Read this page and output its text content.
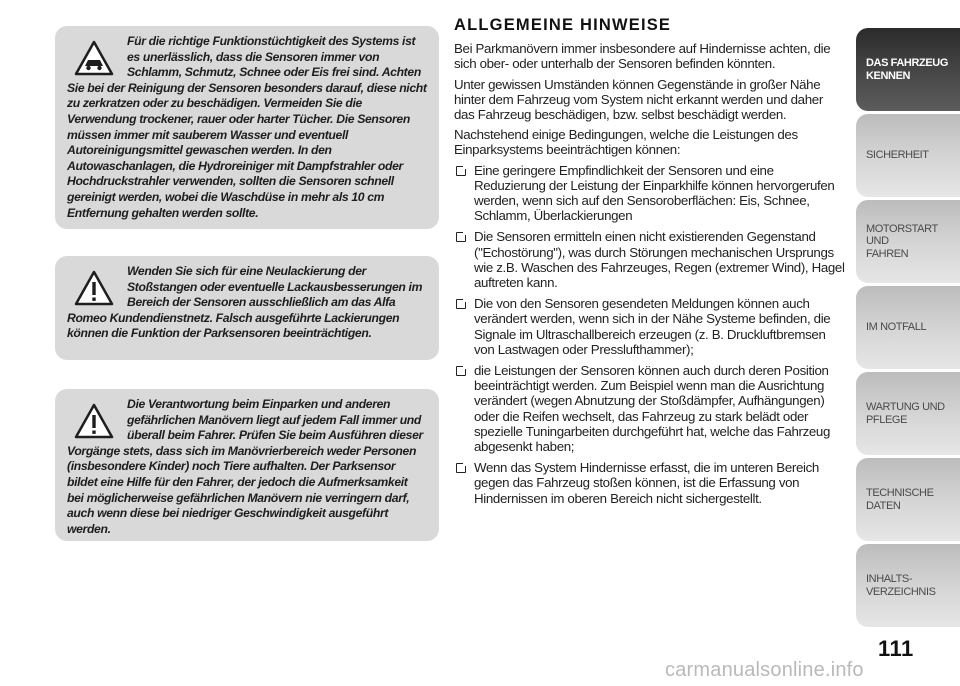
Für die richtige Funktionstüchtigkeit des Systems ist es unerlässlich, dass die Sensoren immer von Schlamm, Schmutz, Schnee oder Eis frei sind. Achten Sie bei der Reinigung der Sensoren besonders darauf, diese nicht zu zerkratzen oder zu beschädigen. Vermeiden Sie die Verwendung trockener, rauer oder harter Tücher. Die Sensoren müssen immer mit sauberem Wasser und eventuell Autoreinigungsmittel gewaschen werden. In den Autowaschanlagen, die Hydroreiniger mit Dampfstrahler oder Hochdruckstrahler verwenden, sollten die Sensoren schnell gereinigt werden, wobei die Waschdüse in mehr als 10 cm Entfernung gehalten werden sollte.
Wenden Sie sich für eine Neulackierung der Stoßstangen oder eventuelle Lackausbesserungen im Bereich der Sensoren ausschließlich am das Alfa Romeo Kundendienstnetz. Falsch ausgeführte Lackierungen können die Funktion der Parksensoren beeinträchtigen.
Die Verantwortung beim Einparken und anderen gefährlichen Manövern liegt auf jedem Fall immer und überall beim Fahrer. Prüfen Sie beim Ausführen dieser Vorgänge stets, dass sich im Manövrierbereich weder Personen (insbesondere Kinder) noch Tiere aufhalten. Der Parksensor bildet eine Hilfe für den Fahrer, der jedoch die Aufmerksamkeit bei möglicherweise gefährlichen Manövern nie verringern darf, auch wenn diese bei niedriger Geschwindigkeit ausgeführt werden.
ALLGEMEINE HINWEISE

Bei Parkmanövern immer insbesondere auf Hindernisse achten, die sich ober- oder unterhalb der Sensoren befinden könnten.

Unter gewissen Umständen können Gegenstände in großer Nähe hinter dem Fahrzeug vom System nicht erkannt werden und daher das Fahrzeug beschädigen, bzw. selbst beschädigt werden.

Nachstehend einige Bedingungen, welche die Leistungen des Einparksystems beeinträchtigen können:

Eine geringere Empfindlichkeit der Sensoren und eine Reduzierung der Leistung der Einparkhilfe können hervorgerufen werden, wenn sich auf den Sensoroberflächen: Eis, Schnee, Schlamm, Überlackierungen
Die Sensoren ermitteln einen nicht existierenden Gegenstand ("Echostörung"), was durch Störungen mechanischen Ursprungs wie z.B. Waschen des Fahrzeuges, Regen (extremer Wind), Hagel auftreten kann.
Die von den Sensoren gesendeten Meldungen können auch verändert werden, wenn sich in der Nähe Systeme befinden, die Signale im Ultraschallbereich erzeugen (z. B. Druckluftbremsen von Lastwagen oder Presslufthammer);
die Leistungen der Sensoren können auch durch deren Position beeinträchtigt werden. Zum Beispiel wenn man die Ausrichtung verändert (wegen Abnutzung der Stoßdämpfer, Aufhängungen) oder die Reifen wechselt, das Fahrzeug zu stark belädt oder spezielle Tuningarbeiten durchgeführt hat, welche das Fahrzeug abgesenkt haben;
Wenn das System Hindernisse erfasst, die im unteren Bereich gegen das Fahrzeug stoßen können, ist die Erfassung von Hindernissen im oberen Bereich nicht sichergestellt.
DAS FAHRZEUG
KENNEN
SICHERHEIT
MOTORSTART UND
FAHREN
IM NOTFALL
WARTUNG UND
PFLEGE
TECHNISCHE DATEN
INHALTS-
VERZEICHNIS
111
carmanualsonline.info
